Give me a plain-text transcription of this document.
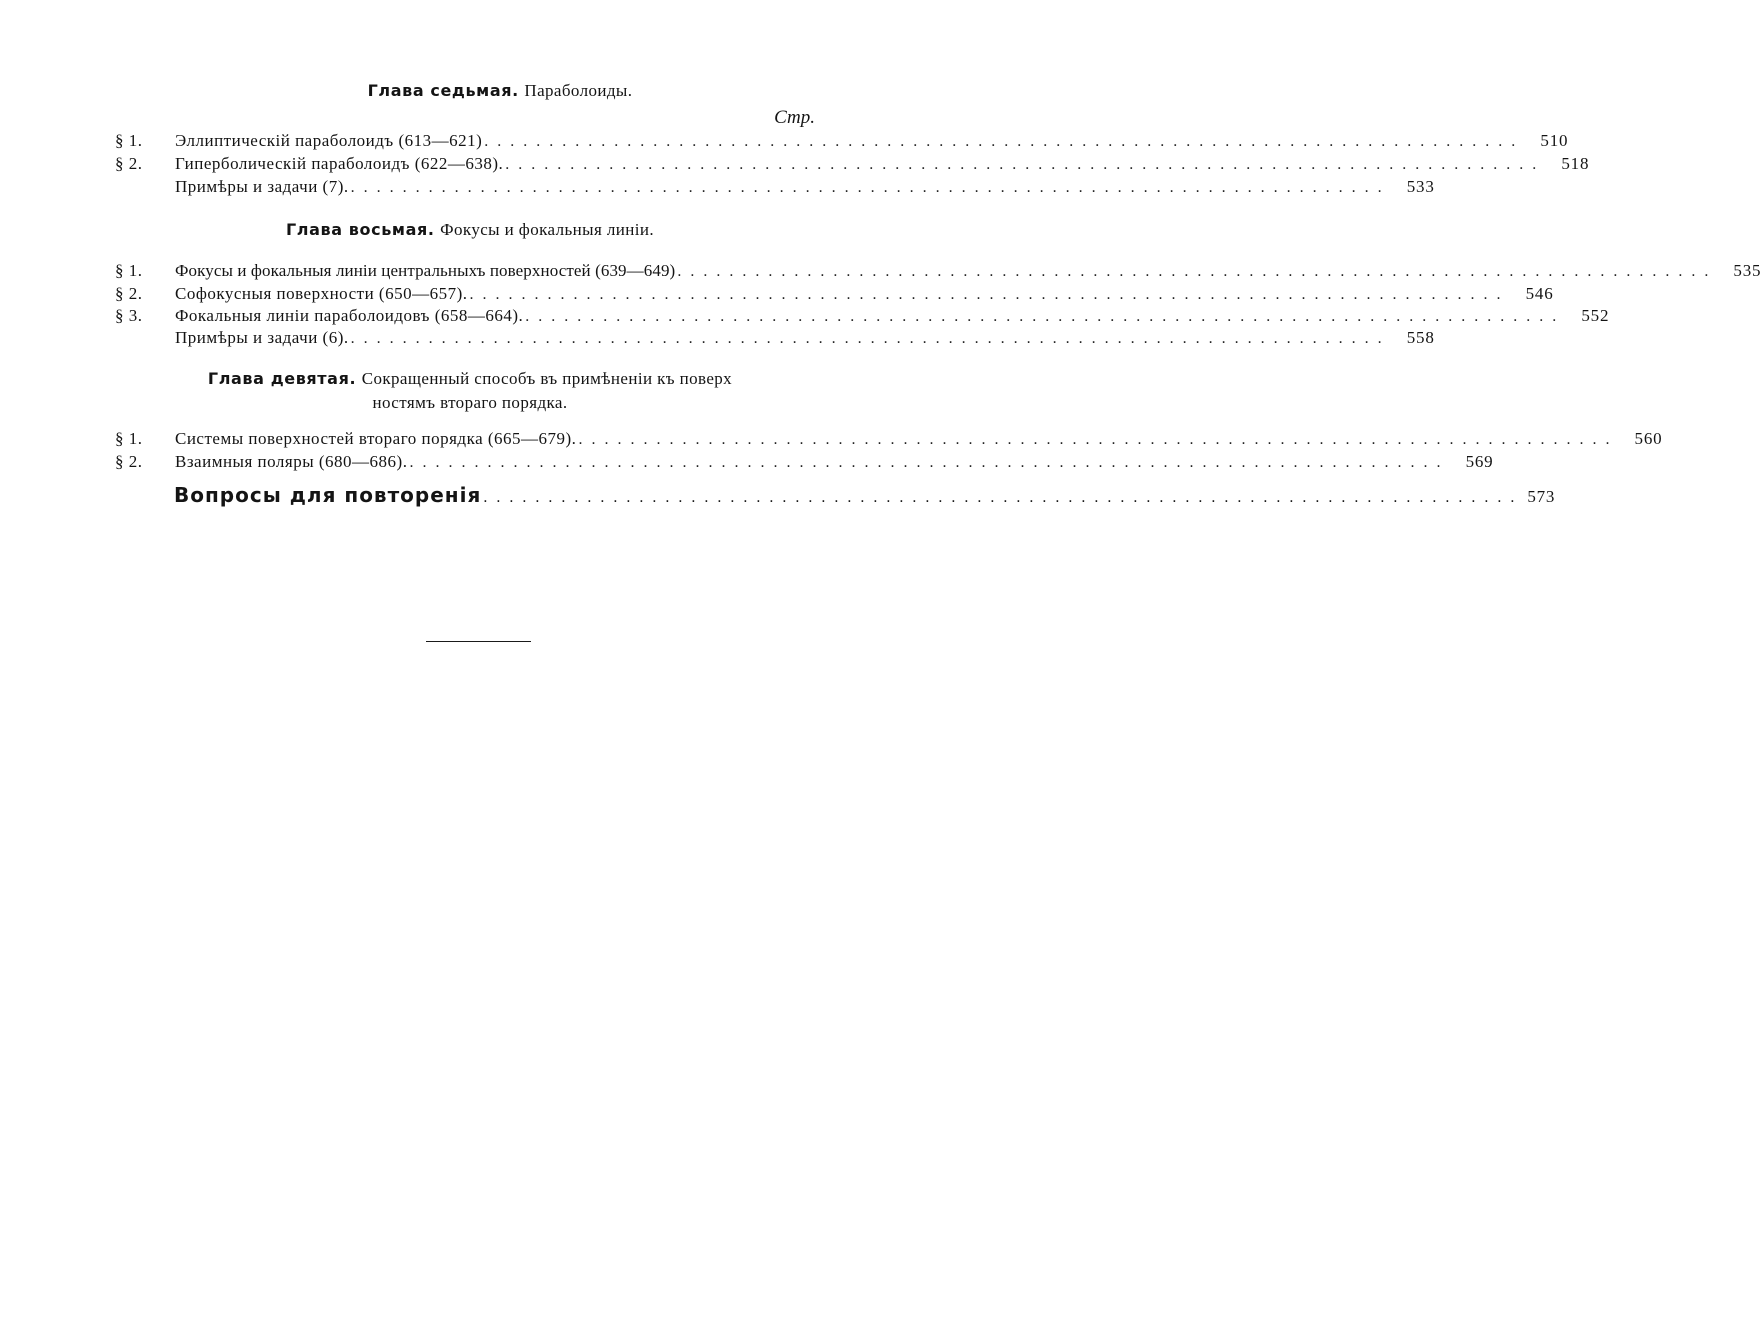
Глава седьмая. Параболоиды.
Стр.
§ 1.	Эллиптическій параболоидъ (613—621) ................................................................................ 510
§ 2.	Гиперболическій параболоидъ (622—638). ................................................................................ 518
Примѣры и задачи (7). ................................................................................ 533
Глава восьмая. Фокусы и фокальныя линіи.
§ 1.	Фокусы и фокальныя линіи центральныхъ поверхностей (639—649) ................................................................................ 535
§ 2.	Софокусныя поверхности (650—657). ................................................................................ 546
§ 3.	Фокальныя линіи параболоидовъ (658—664). ................................................................................ 552
Примѣры и задачи (6). ................................................................................ 558
Глава девятая. Сокращенный способъ въ примѣненіи къ поверх
ностямъ втораго порядка.
§ 1.	Системы поверхностей втораго порядка (665—679). ................................................................................ 560
§ 2.	Взаимныя поляры (680—686). ................................................................................ 569
Вопросы для повторенія ................................................................................ 573
